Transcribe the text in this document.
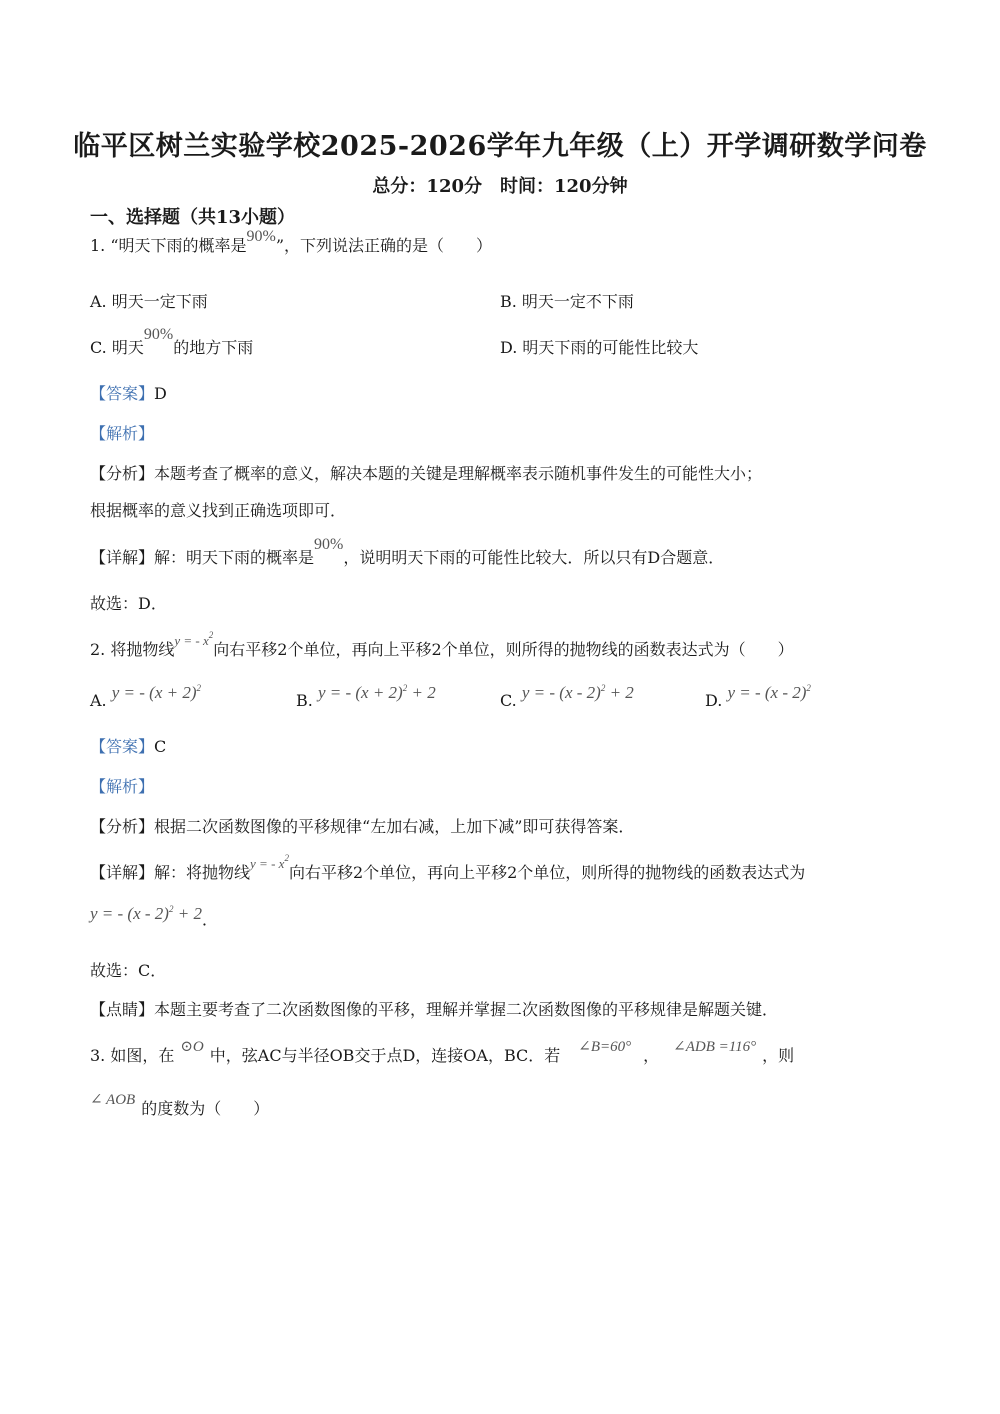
临平区树兰实验学校2025-2026学年九年级（上）开学调研数学问卷
总分：120分　时间：120分钟
一、选择题（共13小题）
1. “明天下雨的概率是90%”，下列说法正确的是（　　）
A. 明天一定下雨	B. 明天一定不下雨
C. 明天90%的地方下雨	D. 明天下雨的可能性比较大
【答案】D
【解析】
【分析】本题考查了概率的意义，解决本题的关键是理解概率表示随机事件发生的可能性大小；
根据概率的意义找到正确选项即可．
【详解】解：明天下雨的概率是90%，说明明天下雨的可能性比较大．所以只有D合题意．
故选：D．
2. 将抛物线$^{y = - x^2}$向右平移2个单位，再向上平移2个单位，则所得的抛物线的函数表达式为（　　）
A. y = - $(x + 2)^2$
B. y = - $(x + 2)^2 + 2$	C. y = - (x - 2)$^2$ + 2	D. y = - (x - 2)$^2$
【答案】C
【解析】
【分析】根据二次函数图像的平移规律“左加右减，上加下减”即可获得答案．
【详解】解：将抛物线$^{y = - x^2}$向右平移2个单位，再向上平移2个单位，则所得的抛物线的函数表达式为
y = - (x - 2)$^2$ + 2．
故选：C．
【点睛】本题主要考查了二次函数图像的平移，理解并掌握二次函数图像的平移规律是解题关键．
3. 如图，在 ⊙O 中，弦AC与半径OB交于点D，连接OA，BC．若 ∠B=60° ， ∠ADB =116° ，则
∠ AOB 的度数为（　　）
